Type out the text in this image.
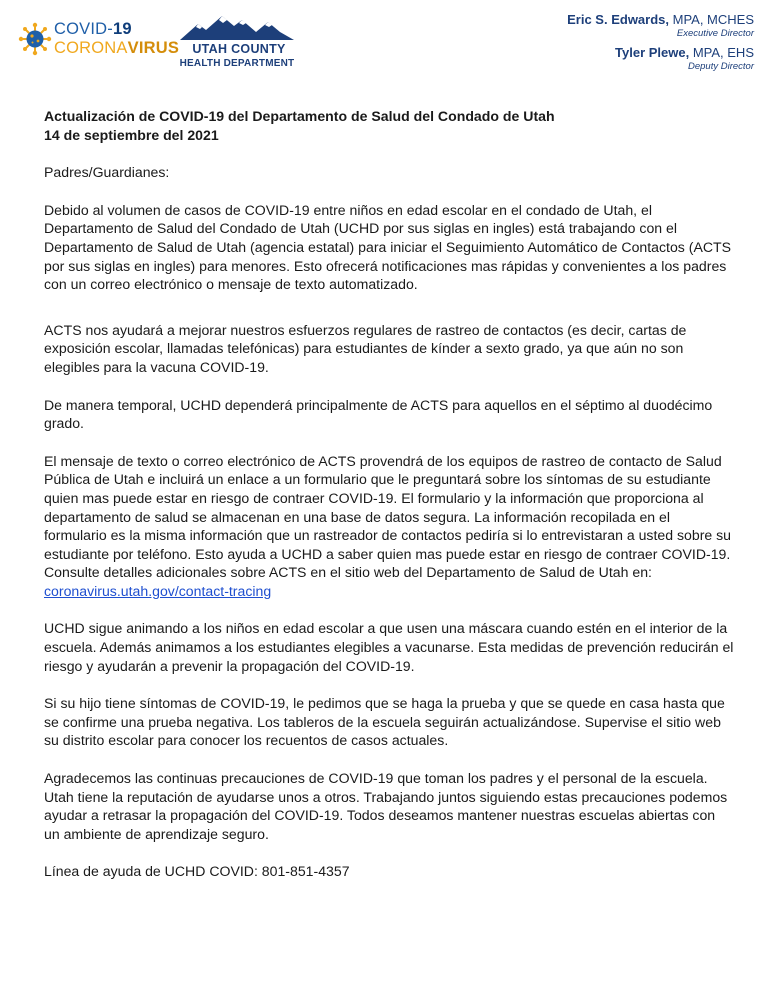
COVID-19
CORONAVIRUS	UTAH COUNTY
HEALTH DEPARTMENT
Eric S. Edwards, MPA, MCHES
Executive Director
Tyler Plewe, MPA, EHS
Deputy Director

Actualización de COVID-19 del Departamento de Salud del Condado de Utah

14 de septiembre del 2021

Padres/Guardianes:

Debido al volumen de casos de COVID-19 entre niños en edad escolar en el condado de Utah, el Departamento de Salud del Condado de Utah (UCHD por sus siglas en ingles) está trabajando con el Departamento de Salud de Utah (agencia estatal) para iniciar el Seguimiento Automático de Contactos (ACTS por sus siglas en ingles) para menores. Esto ofrecerá notificaciones mas rápidas y convenientes a los padres con un correo electrónico o mensaje de texto automatizado.

ACTS nos ayudará a mejorar nuestros esfuerzos regulares de rastreo de contactos (es decir, cartas de exposición escolar, llamadas telefónicas) para estudiantes de kínder a sexto grado, ya que aún no son elegibles para la vacuna COVID-19.

De manera temporal, UCHD dependerá principalmente de ACTS para aquellos en el séptimo al duodécimo grado.

El mensaje de texto o correo electrónico de ACTS provendrá de los equipos de rastreo de contacto de Salud Pública de Utah e incluirá un enlace a un formulario que le preguntará sobre los síntomas de su estudiante quien mas puede estar en riesgo de contraer COVID-19. El formulario y la información que proporciona al departamento de salud se almacenan en una base de datos segura. La información recopilada en el formulario es la misma información que un rastreador de contactos pediría si lo entrevistaran a usted sobre su estudiante por teléfono. Esto ayuda a UCHD a saber quien mas puede estar en riesgo de contraer COVID-19. Consulte detalles adicionales sobre ACTS en el sitio web del Departamento de Salud de Utah en:
coronavirus.utah.gov/contact-tracing

UCHD sigue animando a los niños en edad escolar a que usen una máscara cuando estén en el interior de la escuela. Además animamos a los estudiantes elegibles a vacunarse. Esta medidas de prevención reducirán el riesgo y ayudarán a prevenir la propagación del COVID-19.

Si su hijo tiene síntomas de COVID-19, le pedimos que se haga la prueba y que se quede en casa hasta que se confirme una prueba negativa. Los tableros de la escuela seguirán actualizándose. Supervise el sitio web su distrito escolar para conocer los recuentos de casos actuales.

Agradecemos las continuas precauciones de COVID-19 que toman los padres y el personal de la escuela. Utah tiene la reputación de ayudarse unos a otros. Trabajando juntos siguiendo estas precauciones podemos ayudar a retrasar la propagación del COVID-19. Todos deseamos mantener nuestras escuelas abiertas con un ambiente de aprendizaje seguro.

Línea de ayuda de UCHD COVID: 801-851-4357
